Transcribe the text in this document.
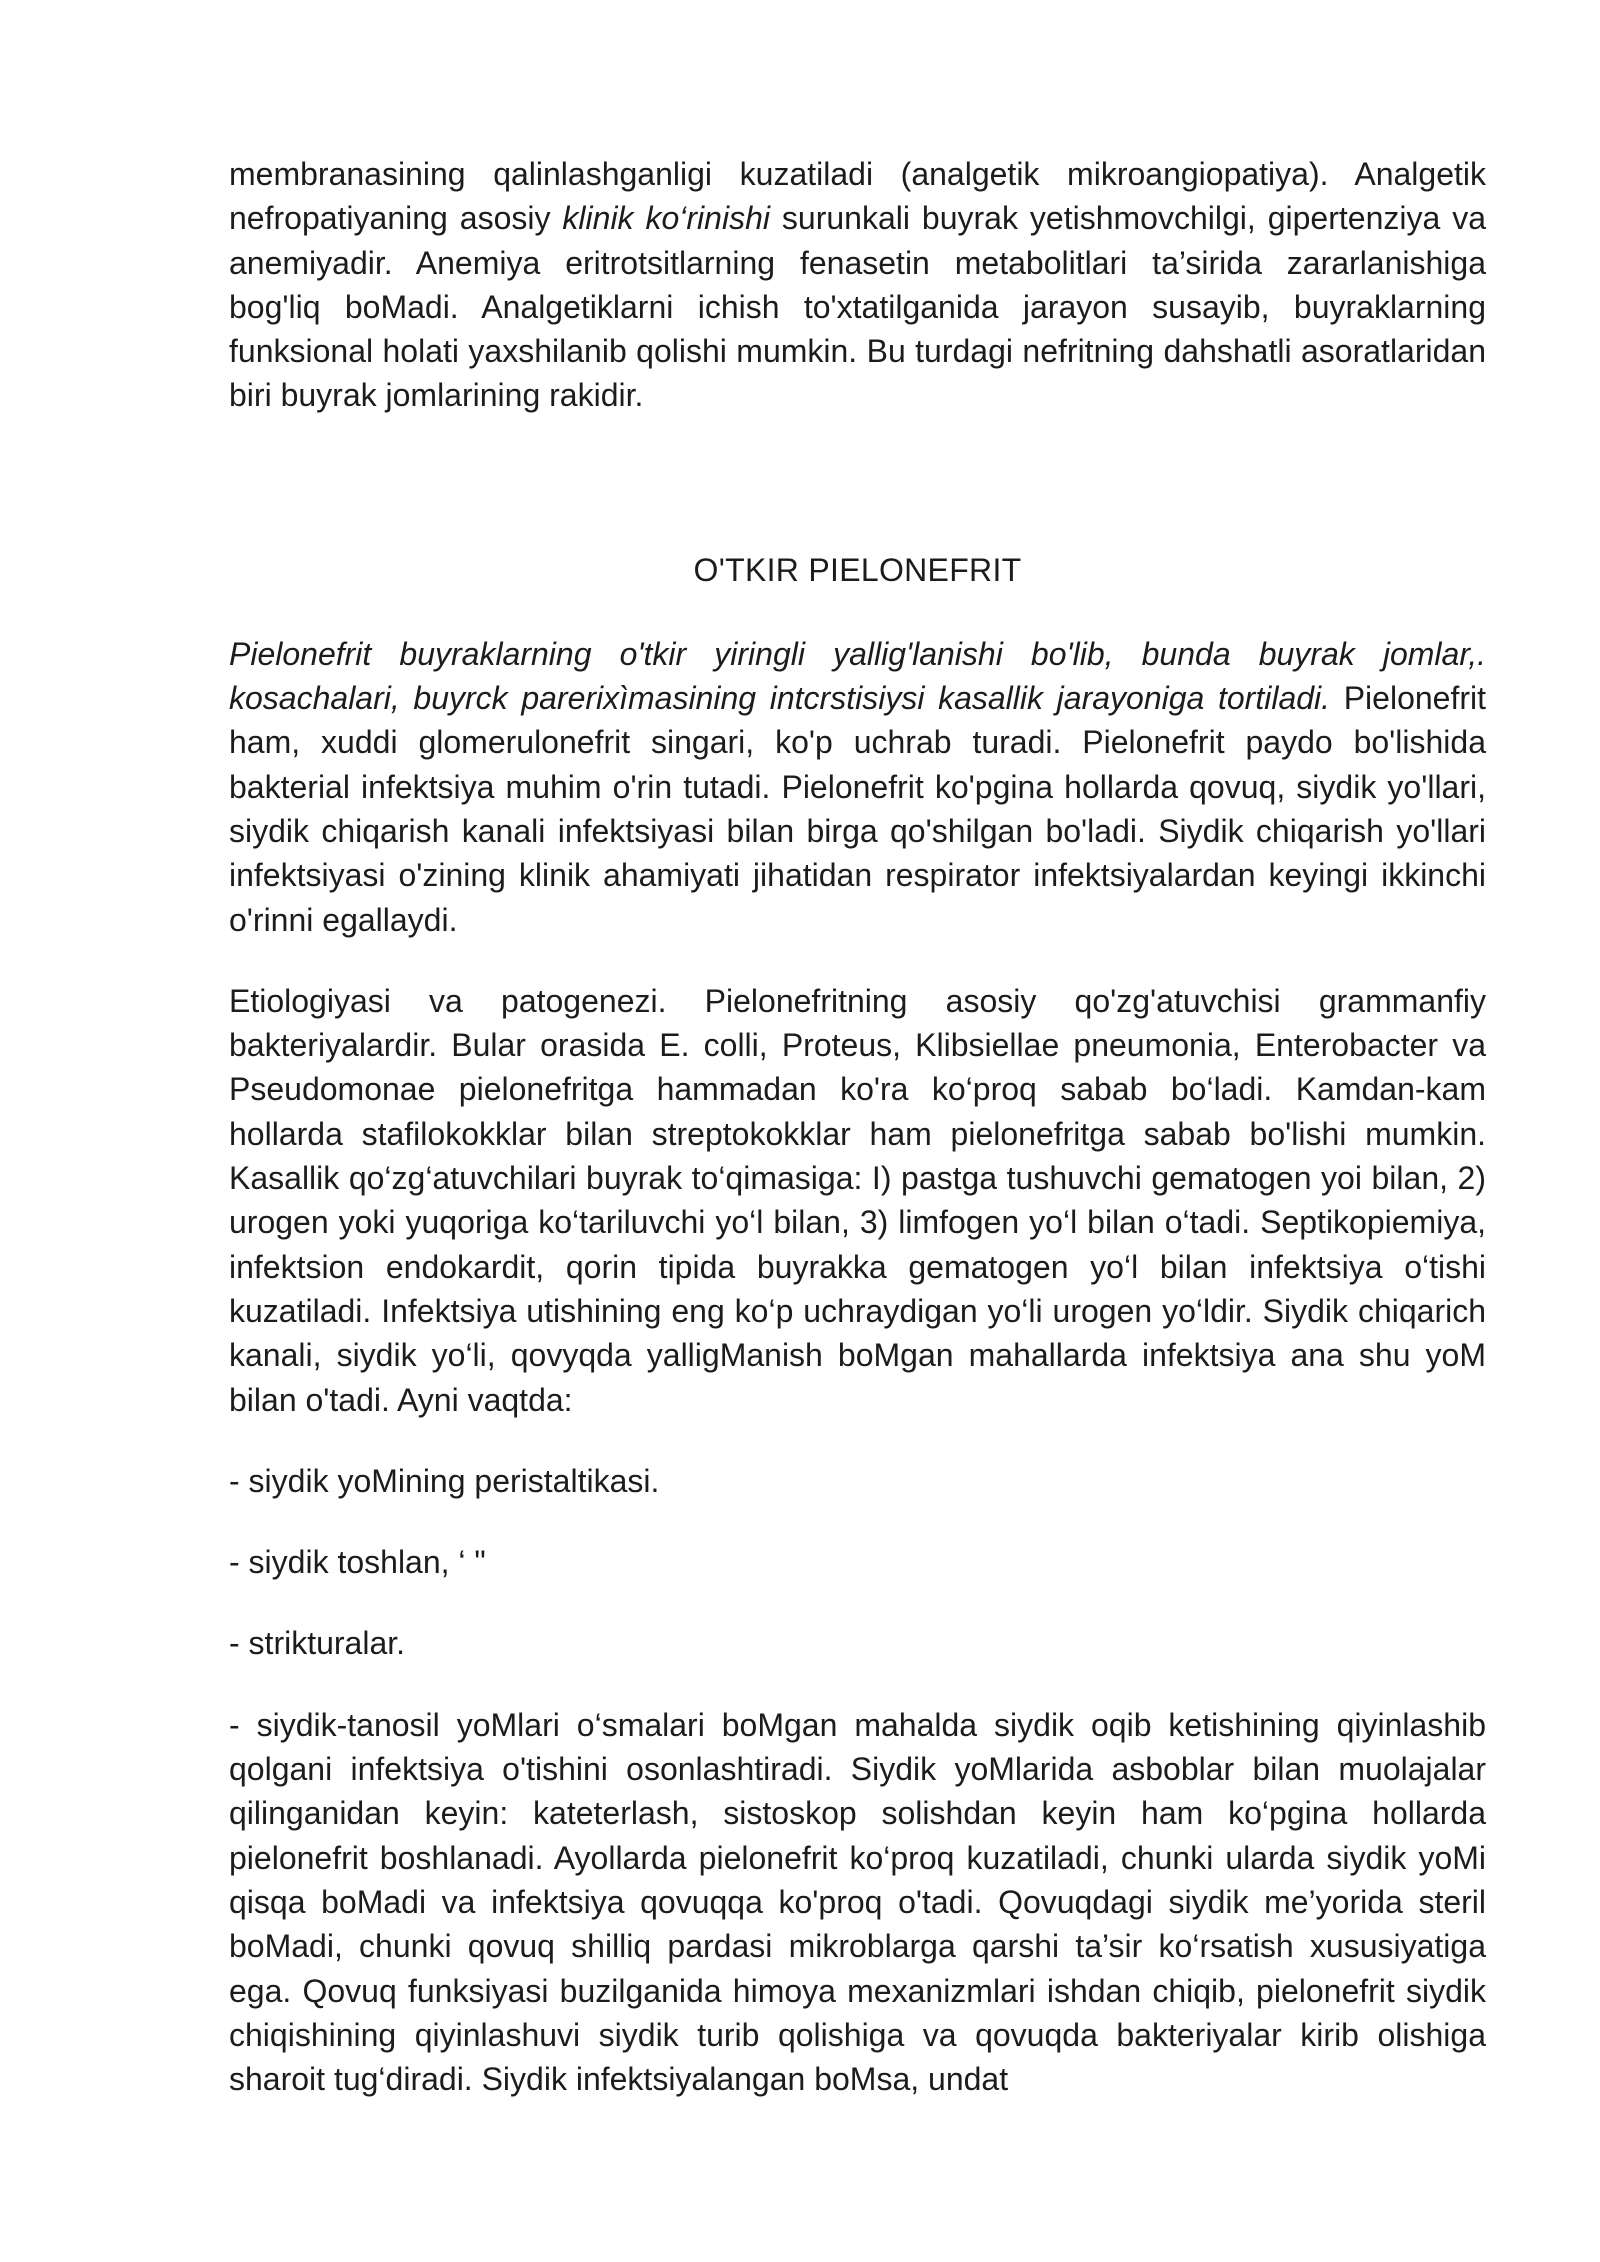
membranasining qalinlashganligi kuzatiladi (analgetik mikroangiopatiya). Analgetik nefropatiyaning asosiy klinik ko‘rinishi surunkali buyrak yetishmovchilgi, gipertenziya va anemiyadir. Anemiya eritrotsitlarning fenasetin metabolitlari ta’sirida zararlanishiga bog'liq boMadi. Analgetiklarni ichish to'xtatilganida jarayon susayib, buyraklarning funksional holati yaxshilanib qolishi mumkin. Bu turdagi nefritning dahshatli asoratlaridan biri buyrak jomlarining rakidir.

O'TKIR PIELONEFRIT

Pielonefrit buyraklarning o'tkir yiringli yallig'lanishi bo'lib, bunda buyrak jomlar,. kosachalari, buyrck parerixìmasining intcrstisiysi kasallik jarayoniga tortiladi. Pielonefrit ham, xuddi glomerulonefrit singari, ko'p uchrab turadi. Pielonefrit paydo bo'lishida bakterial infektsiya muhim o'rin tutadi. Pielonefrit ko'pgina hollarda qovuq, siydik yo'llari, siydik chiqarish kanali infektsiyasi bilan birga qo'shilgan bo'ladi. Siydik chiqarish yo'llari infektsiyasi o'zining klinik ahamiyati jihatidan respirator infektsiyalardan keyingi ikkinchi o'rinni egallaydi.

Etiologiyasi va patogenezi. Pielonefritning asosiy qo'zg'atuvchisi grammanfiy bakteriyalardir. Bular orasida E. colli, Proteus, Klibsiellae pneumonia, Enterobacter va Pseudomonae pielonefritga hammadan ko'ra ko‘proq sabab bo‘ladi. Kamdan-kam hollarda stafilokokklar bilan streptokokklar ham pielonefritga sabab bo'lishi mumkin. Kasallik qo‘zg‘atuvchilari buyrak to‘qimasiga: I) pastga tushuvchi gematogen yoi bilan, 2) urogen yoki yuqoriga ko‘tariluvchi yo‘l bilan, 3) limfogen yo‘l bilan o‘tadi. Septikopiemiya, infektsion endokardit, qorin tipida buyrakka gematogen yo‘l bilan infektsiya o‘tishi kuzatiladi. Infektsiya utishining eng ko‘p uchraydigan yo‘li urogen yo‘ldir. Siydik chiqarich kanali, siydik yo‘li, qovyqda yalligManish boMgan mahallarda infektsiya ana shu yoM bilan o'tadi. Ayni vaqtda:

- siydik yoMining peristaltikasi.

- siydik toshlan, ‘ "

- strikturalar.

- siydik-tanosil yoMlari o‘smalari boMgan mahalda siydik oqib ketishining qiyinlashib qolgani infektsiya o'tishini osonlashtiradi. Siydik yoMlarida asboblar bilan muolajalar qilinganidan keyin: kateterlash, sistoskop solishdan keyin ham ko‘pgina hollarda pielonefrit boshlanadi. Ayollarda pielonefrit ko‘proq kuzatiladi, chunki ularda siydik yoMi qisqa boMadi va infektsiya qovuqqa ko'proq o'tadi. Qovuqdagi siydik me’yorida steril boMadi, chunki qovuq shilliq pardasi mikroblarga qarshi ta’sir ko‘rsatish xususiyatiga ega. Qovuq funksiyasi buzilganida himoya mexanizmlari ishdan chiqib, pielonefrit siydik chiqishining qiyinlashuvi siydik turib qolishiga va qovuqda bakteriyalar kirib olishiga sharoit tug‘diradi. Siydik infektsiyalangan boMsa, undat
